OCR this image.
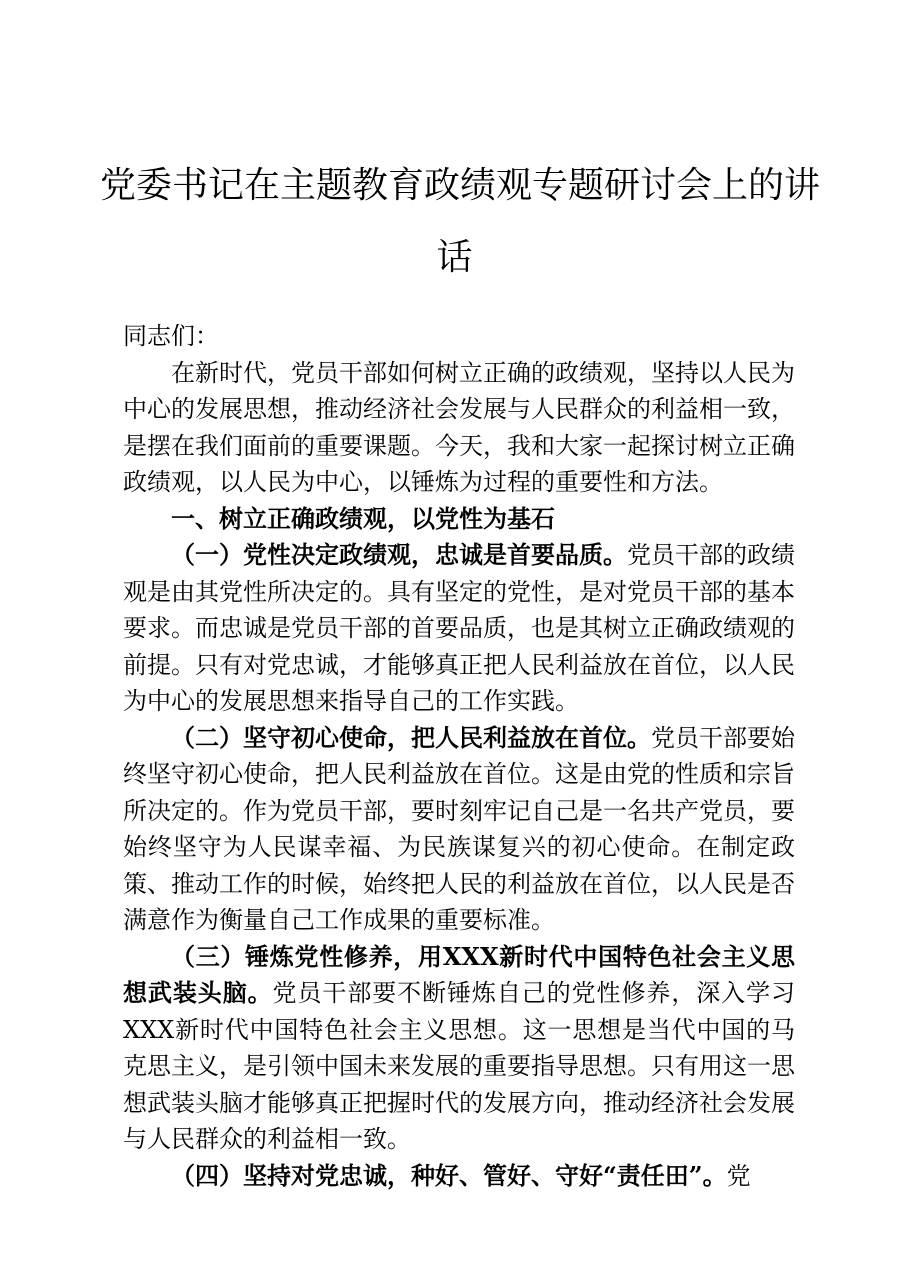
党委书记在主题教育政绩观专题研讨会上的讲
话

同志们：

在新时代，党员干部如何树立正确的政绩观，坚持以人民为中心的发展思想，推动经济社会发展与人民群众的利益相一致，是摆在我们面前的重要课题。今天，我和大家一起探讨树立正确政绩观，以人民为中心，以锤炼为过程的重要性和方法。

一、树立正确政绩观，以党性为基石

（一）党性决定政绩观，忠诚是首要品质。党员干部的政绩观是由其党性所决定的。具有坚定的党性，是对党员干部的基本要求。而忠诚是党员干部的首要品质，也是其树立正确政绩观的前提。只有对党忠诚，才能够真正把人民利益放在首位，以人民为中心的发展思想来指导自己的工作实践。

（二）坚守初心使命，把人民利益放在首位。党员干部要始终坚守初心使命，把人民利益放在首位。这是由党的性质和宗旨所决定的。作为党员干部，要时刻牢记自己是一名共产党员，要始终坚守为人民谋幸福、为民族谋复兴的初心使命。在制定政策、推动工作的时候，始终把人民的利益放在首位，以人民是否满意作为衡量自己工作成果的重要标准。

（三）锤炼党性修养，用XXX新时代中国特色社会主义思想武装头脑。党员干部要不断锤炼自己的党性修养，深入学习XXX新时代中国特色社会主义思想。这一思想是当代中国的马克思主义，是引领中国未来发展的重要指导思想。只有用这一思想武装头脑才能够真正把握时代的发展方向，推动经济社会发展与人民群众的利益相一致。

（四）坚持对党忠诚，种好、管好、守好“责任田”。党
